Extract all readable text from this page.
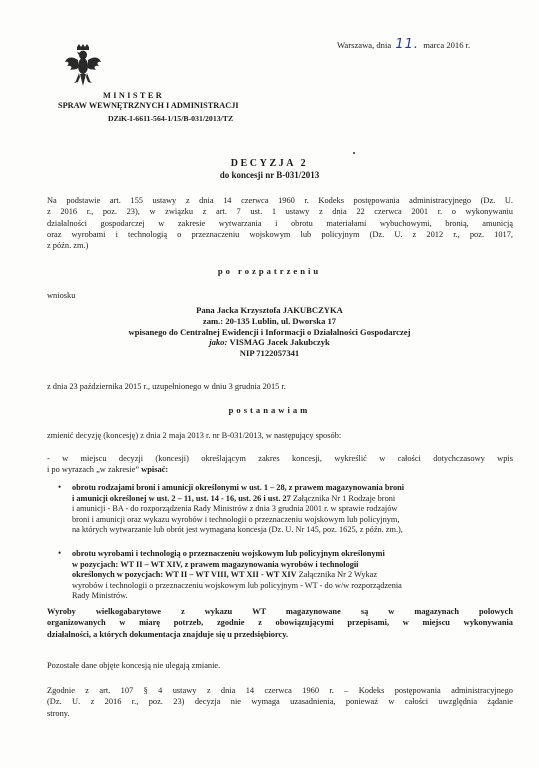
Warszawa, dnia 11. marca 2016 r.
MINISTER
SPRAW WEWNĘTRZNYCH I ADMINISTRACJI
DZiK-I-6611-564-1/15/B-031/2013/TZ
DECYZJA 2
do koncesji nr B-031/2013
Na podstawie art. 155 ustawy z dnia 14 czerwca 1960 r. Kodeks postępowania administracyjnego (Dz. U.
z 2016 r., poz. 23), w związku z art. 7 ust. 1 ustawy z dnia 22 czerwca 2001 r. o wykonywaniu
działalności gospodarczej w zakresie wytwarzania i obrotu materiałami wybuchowymi, bronią, amunicją
oraz wyrobami i technologią o przeznaczeniu wojskowym lub policyjnym (Dz. U. z 2012 r., poz. 1017,
z późn. zm.)
po rozpatrzeniu
wniosku
Pana Jacka Krzysztofa JAKUBCZYKA
zam.: 20-135 Lublin, ul. Dworska 17
wpisanego do Centralnej Ewidencji i Informacji o Działalności Gospodarczej
jako: VISMAG Jacek Jakubczyk
NIP 7122057341
z dnia 23 października 2015 r., uzupełnionego w dniu 3 grudnia 2015 r.
postanawiam
zmienić decyzję (koncesję) z dnia 2 maja 2013 r. nr B-031/2013, w następujący sposób:
- w miejscu decyzji (koncesji) określającym zakres koncesji, wykreślić w całości dotychczasowy wpis
i po wyrazach „w zakresie” wpisać:
• obrotu rodzajami broni i amunicji określonymi w ust. 1 – 28, z prawem magazynowania broni
i amunicji określonej w ust. 2 – 11, ust. 14 - 16, ust. 26 i ust. 27 Załącznika Nr 1 Rodzaje broni
i amunicji - BA - do rozporządzenia Rady Ministrów z dnia 3 grudnia 2001 r. w sprawie rodzajów
broni i amunicji oraz wykazu wyrobów i technologii o przeznaczeniu wojskowym lub policyjnym,
na których wytwarzanie lub obrót jest wymagana koncesja (Dz. U. Nr 145, poz. 1625, z późn. zm.),
• obrotu wyrobami i technologią o przeznaczeniu wojskowym lub policyjnym określonymi
w pozycjach: WT II – WT XIV, z prawem magazynowania wyrobów i technologii
określonych w pozycjach: WT II – WT VIII, WT XII - WT XIV Załącznika Nr 2 Wykaz
wyrobów i technologii o przeznaczeniu wojskowym lub policyjnym - WT - do w/w rozporządzenia
Rady Ministrów.
Wyroby wielkogabarytowe z wykazu WT magazynowane są w magazynach polowych
organizowanych w miarę potrzeb, zgodnie z obowiązującymi przepisami, w miejscu wykonywania
działalności, a których dokumentacja znajduje się u przedsiębiorcy.
Pozostałe dane objęte koncesją nie ulegają zmianie.
Zgodnie z art. 107 § 4 ustawy z dnia 14 czerwca 1960 r. – Kodeks postępowania administracyjnego
(Dz. U. z 2016 r., poz. 23) decyzja nie wymaga uzasadnienia, ponieważ w całości uwzględnia żądanie
strony.
